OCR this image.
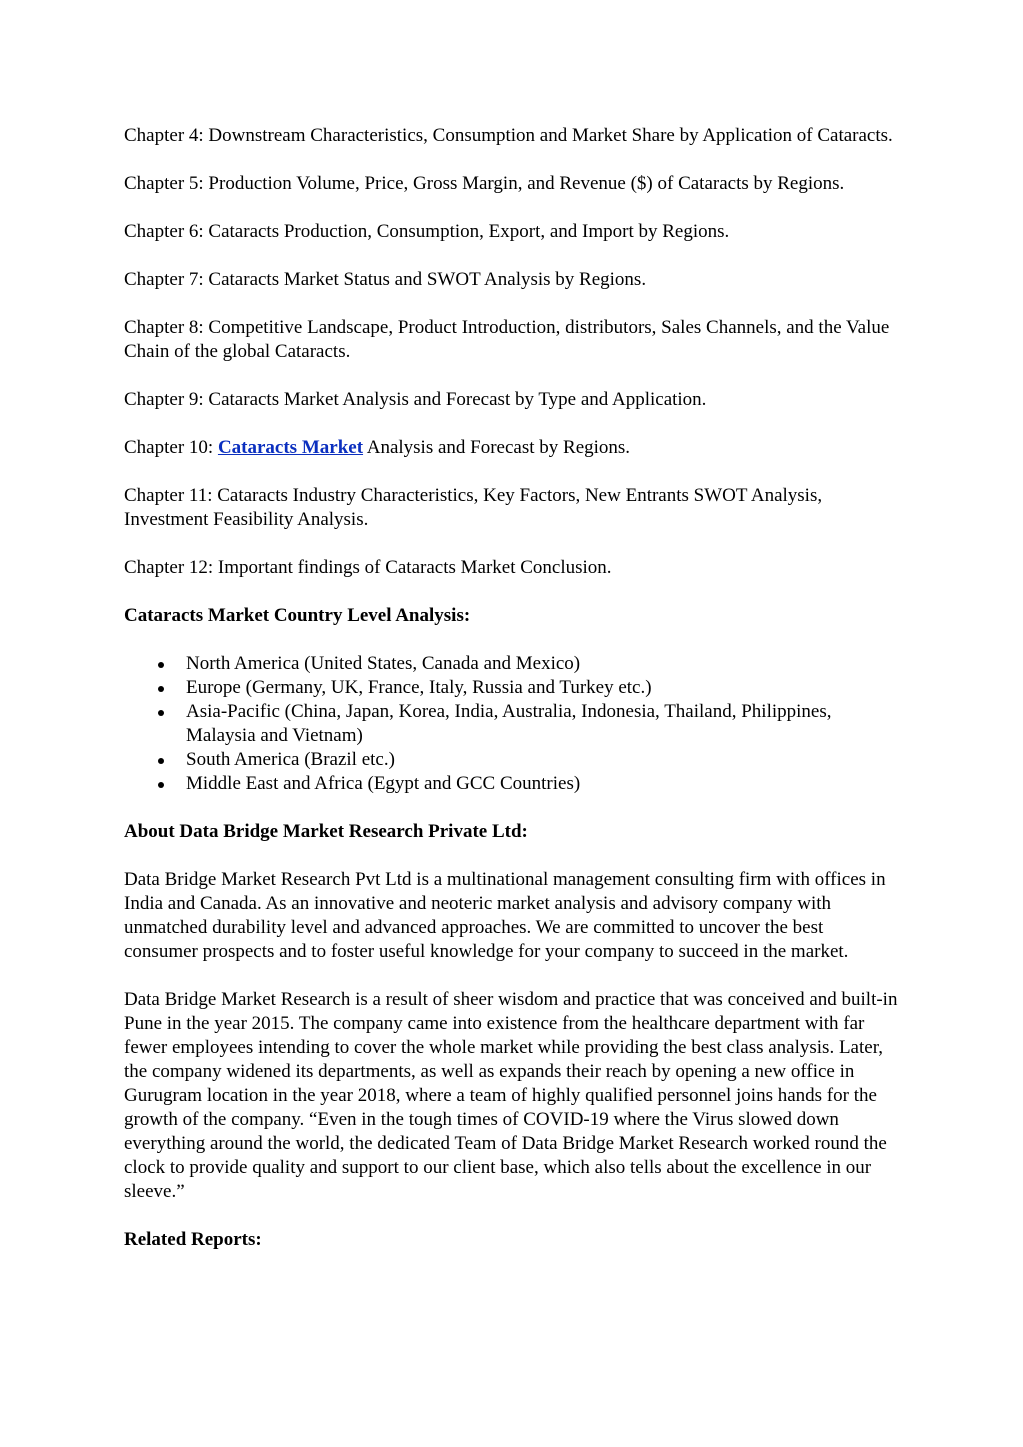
Chapter 4: Downstream Characteristics, Consumption and Market Share by Application of Cataracts.

Chapter 5: Production Volume, Price, Gross Margin, and Revenue ($) of Cataracts by Regions.

Chapter 6: Cataracts Production, Consumption, Export, and Import by Regions.

Chapter 7: Cataracts Market Status and SWOT Analysis by Regions.

Chapter 8: Competitive Landscape, Product Introduction, distributors, Sales Channels, and the Value Chain of the global Cataracts.

Chapter 9: Cataracts Market Analysis and Forecast by Type and Application.

Chapter 10: Cataracts Market Analysis and Forecast by Regions.

Chapter 11: Cataracts Industry Characteristics, Key Factors, New Entrants SWOT Analysis, Investment Feasibility Analysis.

Chapter 12: Important findings of Cataracts Market Conclusion.

Cataracts Market Country Level Analysis:

North America (United States, Canada and Mexico)
Europe (Germany, UK, France, Italy, Russia and Turkey etc.)
Asia-Pacific (China, Japan, Korea, India, Australia, Indonesia, Thailand, Philippines, Malaysia and Vietnam)
South America (Brazil etc.)
Middle East and Africa (Egypt and GCC Countries)

About Data Bridge Market Research Private Ltd:

Data Bridge Market Research Pvt Ltd is a multinational management consulting firm with offices in India and Canada. As an innovative and neoteric market analysis and advisory company with unmatched durability level and advanced approaches. We are committed to uncover the best consumer prospects and to foster useful knowledge for your company to succeed in the market.

Data Bridge Market Research is a result of sheer wisdom and practice that was conceived and built-in Pune in the year 2015. The company came into existence from the healthcare department with far fewer employees intending to cover the whole market while providing the best class analysis. Later, the company widened its departments, as well as expands their reach by opening a new office in Gurugram location in the year 2018, where a team of highly qualified personnel joins hands for the growth of the company. “Even in the tough times of COVID-19 where the Virus slowed down everything around the world, the dedicated Team of Data Bridge Market Research worked round the clock to provide quality and support to our client base, which also tells about the excellence in our sleeve.”

Related Reports:
